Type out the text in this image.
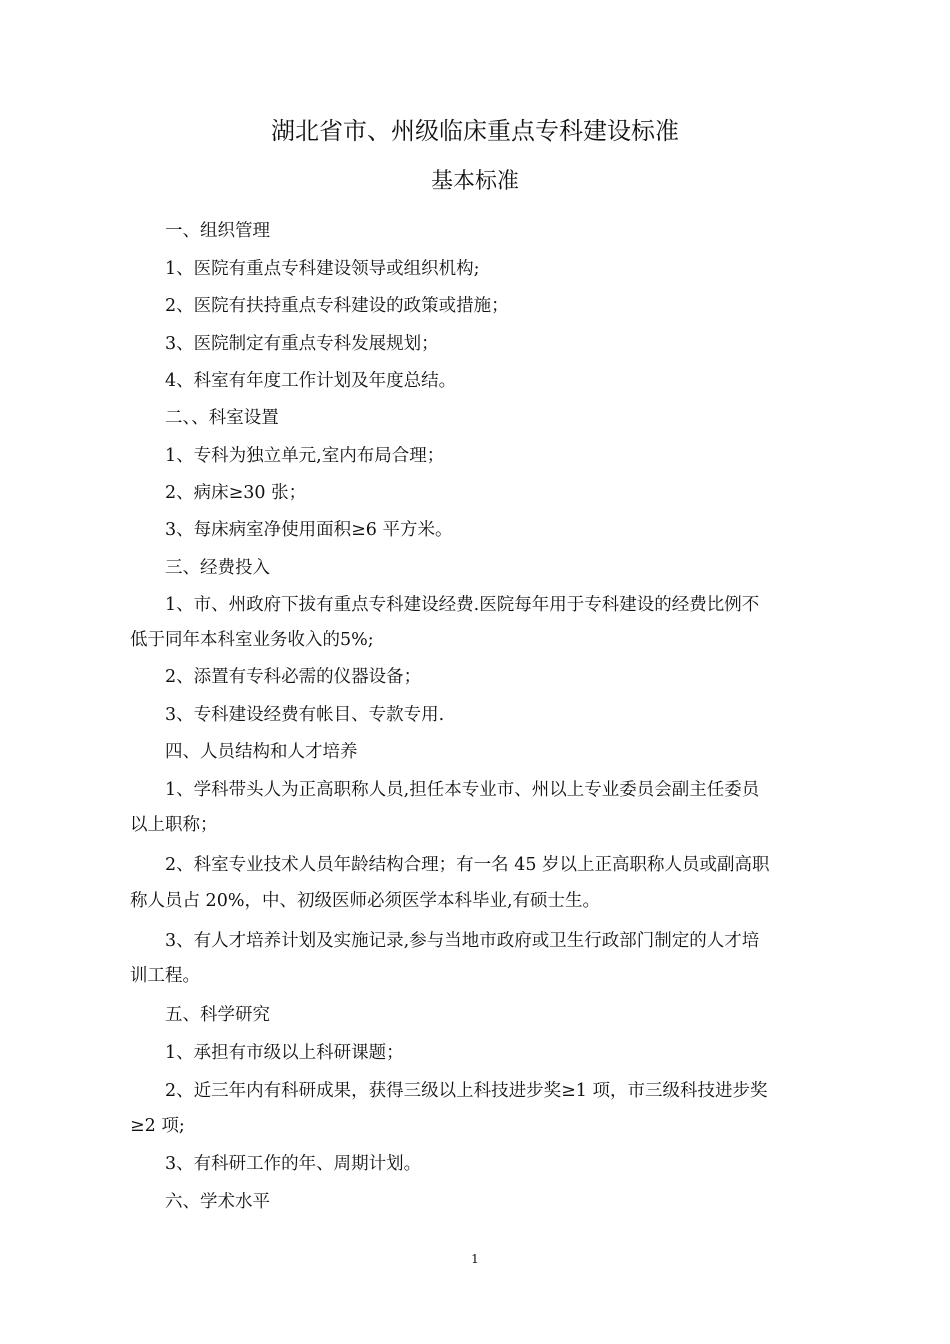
湖北省市、州级临床重点专科建设标准
基本标准

一、组织管理

1、医院有重点专科建设领导或组织机构;

2、医院有扶持重点专科建设的政策或措施；

3、医院制定有重点专科发展规划；

4、科室有年度工作计划及年度总结。

二、、科室设置

1、专科为独立单元,室内布局合理；

2、病床≥30 张；

3、每床病室净使用面积≥6 平方米。

三、经费投入

1、市、州政府下拔有重点专科建设经费.医院每年用于专科建设的经费比例不

低于同年本科室业务收入的5%;

2、添置有专科必需的仪器设备；

3、专科建设经费有帐目、专款专用.

四、人员结构和人才培养

1、学科带头人为正高职称人员,担任本专业市、州以上专业委员会副主任委员

以上职称；

2、科室专业技术人员年龄结构合理；有一名 45 岁以上正高职称人员或副高职

称人员占 20%，中、初级医师必须医学本科毕业,有硕士生。

3、有人才培养计划及实施记录,参与当地市政府或卫生行政部门制定的人才培

训工程。

五、科学研究

1、承担有市级以上科研课题；

2、近三年内有科研成果，获得三级以上科技进步奖≥1 项，市三级科技进步奖

≥2 项;

3、有科研工作的年、周期计划。

六、学术水平

1
